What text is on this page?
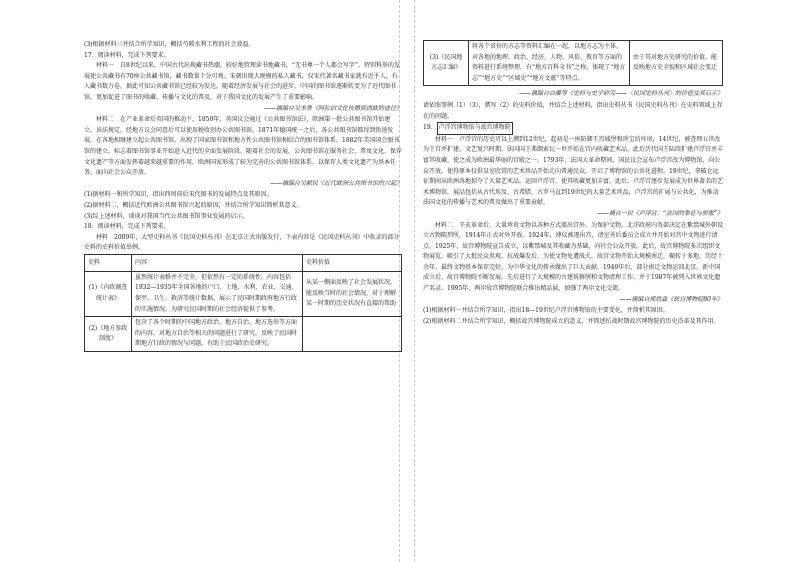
(3)根据材料三并结合所学知识，概括芍陂水利工程的社会效益。

17．阅读材料，完成下列要求。

材料一　自8世纪以来，中国古代出现藏书热潮，较好地管理读书地藏书，“无书尊一个人都会写字”。特别科举的发展使公共藏书有70座公共藏书馆，藏书数量十分可观。宋朝出现大规模的私人藏书，仅宋代著名藏书家就有近千人，有人藏书数万卷，据此可知公共藏书馆已经较为发达。随着经济发展与社会的进步，中国的图书馆逐渐转变为了近代图书馆，更加促进了图书的收藏、传播与文化的普及，对于我国文化的发展产生了重要影响。

——摘编自吴本鲁《阿拉伯文化传播到西欧的途径》

材料二　在产业革命后英国的推动下，1850年，英国议会通过《公共图书馆法》，欧洲第一批公共图书馆开始建立。该法规定，经地方议会同意后可以使用税收创办公共图书馆。1871年德国统一之后，各公共图书馆都得到快速发展，在各地相继建立起公共图书馆，出现了国家图书馆和地方性公共图书馆相结合的图书馆体系。1882年美国国会图书馆的建立，标志着图书馆事业开始进入近代的全面发展阶段。随着社会的发展，公共图书馆在服务社会、普及文化、保存文化遗产等方面发挥着越来越重要的作用，欧洲国家形成了较为完善的公共图书馆体系，以保存人类文化遗产为基本任务，面向社会公众开放。

——摘编自吴献民《近代欧洲公共图书馆的兴起》

(1)据材料一和所学知识，指出西周前后宋代图书的发展特点及其原因。

(2)据材料二，概括近代欧洲公共图书馆兴起的原因，并结合所学知识简析其意义。

(3)综上述材料，谈谈对我国当代公共图书馆事业发展的启示。

18．阅读材料，完成下列要求。

材料　2009年，大型史料丛书《民国史料丛刊》在北京正式出版发行，下表内容是《民国史料丛刊》中收录的部分史料的史料价值举例。

史料	内容	史料价值
(1)《内政调查统计表》	虽然统计表格并不完全，但依然有一定的系统性。内容包括1932—1935年全国各地的户口、土地、水利、农业、交通、保甲、卫生、救济等统计数据，展示了民国时期政府地方行政的实施情况，为研究民国时期的社会经济提供了参考。	从某一侧面反映了社会发展状况，能反映当时的社会情况，对于理解某一时期的历史状况有直接的帮助
(2)《地方参政制度》	包含了各个时期的中国地方政治、地方自治、地方选举等方面的内容，对地方自治等相关的问题进行了研究，反映了民国时期地方行政的情况与问题，有助于民国政治史研究。	
(3)《民国地方志汇编》	将各个省份的方志等资料汇编在一起，以地方志为主体，对各地的地理、政治、经济、人物、风俗、教育等方面的资料进行系统整理，有“地方百科全书”之称，体现了“地方志”“地方史”“区域史”“地方文献”等特点。	由于其对地方史研究的价值，能反映地方史全貌和区域社会变迁

——摘编自白雁等《史料与史学研究——〈民国史料丛刊〉的价值及其启示》

请依照事例（1）（3），撰写（2）的史料价值，并结合上述材料，指出史料丛书《民国史料丛刊》在史料领域上存在的问题。

19． 卢浮宫博物馆与故宫博物院

材料一　卢浮宫的历史可以上溯到12世纪，起初是一座防御王宫城堡和珍宝的库房，14世纪，被查理五世改为王宫并扩建。文艺复兴时期，法国国王弗朗索瓦一世开始在宫内收藏艺术品，此后历代国王陆续扩建卢浮宫并丰富其收藏，使之成为欧洲最华丽的宫殿之一。1793年，法国大革命期间，国民议会宣布卢浮宫改为博物馆，向公众开放，使得原本仅供皇室欣赏的艺术珍品开始走向普通民众，开启了博物馆的公共化进程。19世纪，拿破仑远征期间从欧洲各地掠夺了大量艺术品，运回卢浮宫，使其收藏更加丰富。此后，卢浮宫逐步发展成为世界著名的艺术博物馆，展品包括从古代埃及、古希腊、古罗马直到19世纪的大量艺术珍品，卢浮宫的扩展与公共化，为推动法国文化的传播与艺术的普及做出了重要贡献。

——摘自一民《卢浮宫：“法国的象征与骄傲”》

材料二　辛亥革命后，大量珍贵文物以各种方式流出宫外。为保护文物，北洋政府内务部决定在紫禁城外朝设立古物陈列所，1914年正式对外开放。1924年，溥仪被逐出宫，清室善后委员会成立并开始对宫中文物进行清点。1925年，故宫博物院宣告成立，以紫禁城及其收藏为基础，向社会公众开放。此后，故宫博物院多次组织文物展览，吸引了大批民众参观。抗战爆发后，为使文物免遭战火，故宫文物开始大规模南迁，辗转于多地，历经十余年，最终文物基本保存完好，为中华文化的传承做出了巨大贡献。1949年后，部分南迁文物运回北京。新中国成立后，故宫博物院不断发展，先后进行了大规模的古建筑修缮和文物清理工作，并于1987年被列入世界文化遗产名录。1995年，两岸故宫博物院联合推出精品展，加强了两岸文化交流。

——摘编自郑欣淼《故宫博物院80年》

(1)根据材料一并结合所学知识，指出18—19世纪卢浮宫博物馆的主要变化，并简析其原因。

(2)根据材料二并结合所学知识，概括故宫博物院成立的意义，并简述抗战时期故宫博物院的历史沿革及其作用。
